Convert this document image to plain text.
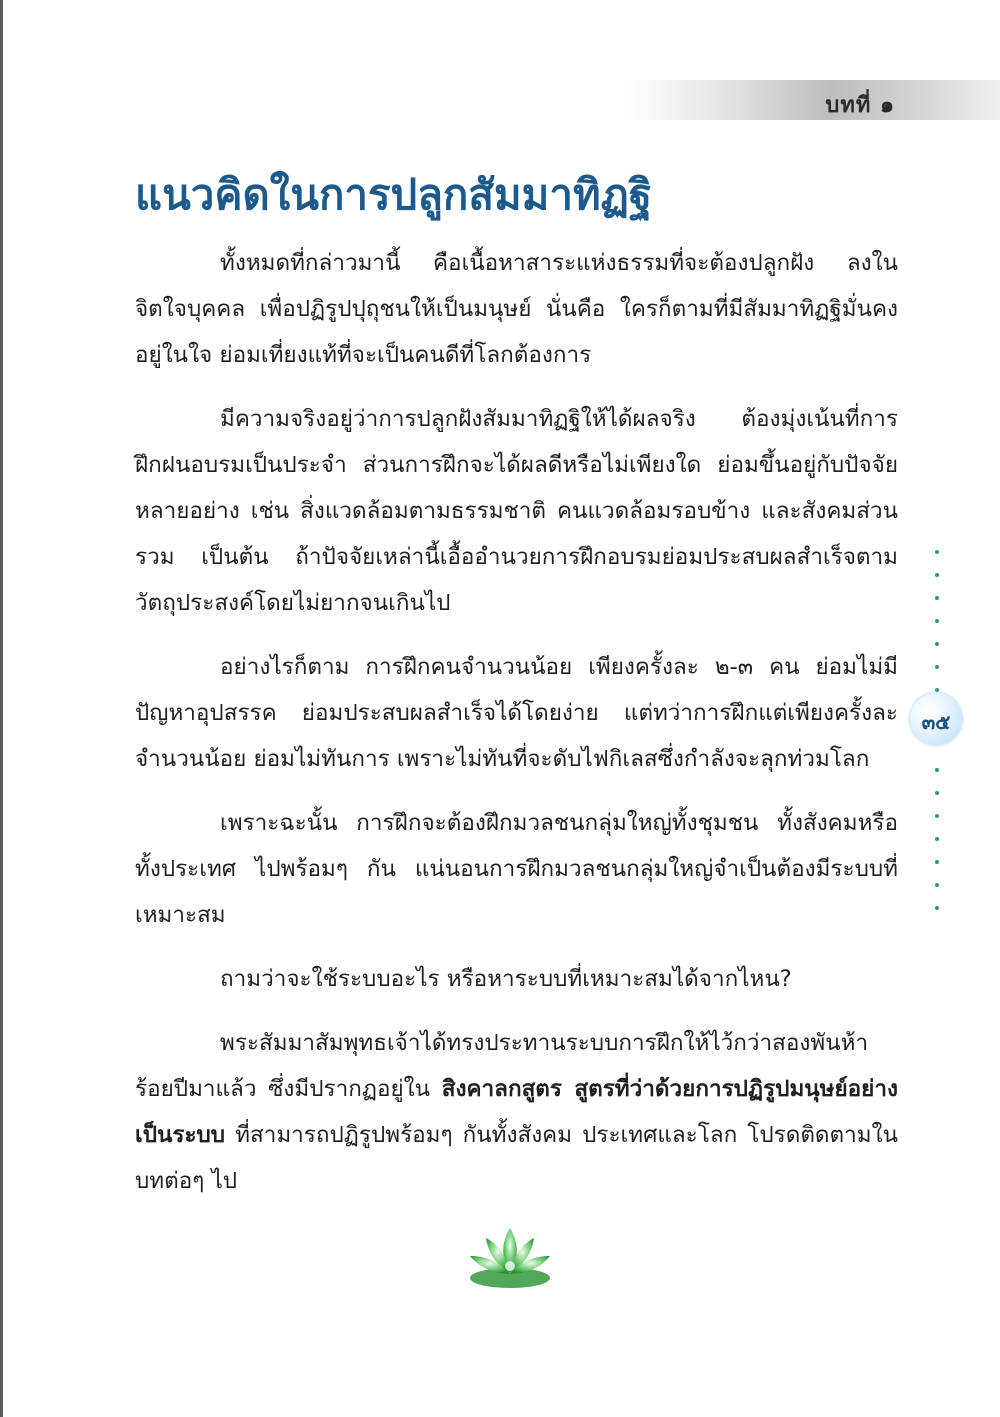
บทที่ ๑
แนวคิดในการปลูกสัมมาทิฏฐิ

ทั้งหมดที่กล่าวมานี้ คือเนื้อหาสาระแห่งธรรมที่จะต้องปลูกฝัง ลงในจิตใจบุคคล เพื่อปฏิรูปปุถุชนให้เป็นมนุษย์ นั่นคือ ใครก็ตามที่มีสัมมาทิฏฐิมั่นคงอยู่ในใจ ย่อมเที่ยงแท้ที่จะเป็นคนดีที่โลกต้องการ

มีความจริงอยู่ว่าการปลูกฝังสัมมาทิฏฐิให้ได้ผลจริง ต้องมุ่งเน้นที่การฝึกฝนอบรมเป็นประจำ ส่วนการฝึกจะได้ผลดีหรือไม่เพียงใด ย่อมขึ้นอยู่กับปัจจัยหลายอย่าง เช่น สิ่งแวดล้อมตามธรรมชาติ คนแวดล้อมรอบข้าง และสังคมส่วนรวม เป็นต้น ถ้าปัจจัยเหล่านี้เอื้ออำนวยการฝึกอบรมย่อมประสบผลสำเร็จตามวัตถุประสงค์โดยไม่ยากจนเกินไป

อย่างไรก็ตาม การฝึกคนจำนวนน้อย เพียงครั้งละ ๒-๓ คน ย่อมไม่มีปัญหาอุปสรรค ย่อมประสบผลสำเร็จได้โดยง่าย แต่ทว่าการฝึกแต่เพียงครั้งละจำนวนน้อย ย่อมไม่ทันการ เพราะไม่ทันที่จะดับไฟกิเลสซึ่งกำลังจะลุกท่วมโลก

เพราะฉะนั้น การฝึกจะต้องฝึกมวลชนกลุ่มใหญ่ทั้งชุมชน ทั้งสังคมหรือทั้งประเทศ ไปพร้อมๆ กัน แน่นอนการฝึกมวลชนกลุ่มใหญ่จำเป็นต้องมีระบบที่เหมาะสม

ถามว่าจะใช้ระบบอะไร หรือหาระบบที่เหมาะสมได้จากไหน?

พระสัมมาสัมพุทธเจ้าได้ทรงประทานระบบการฝึกให้ไว้กว่าสองพันห้าร้อยปีมาแล้ว ซึ่งมีปรากฏอยู่ใน สิงคาลกสูตร สูตรที่ว่าด้วยการปฏิรูปมนุษย์อย่างเป็นระบบ ที่สามารถปฏิรูปพร้อมๆ กันทั้งสังคม ประเทศและโลก โปรดติดตามในบทต่อๆ ไป

๓๕
